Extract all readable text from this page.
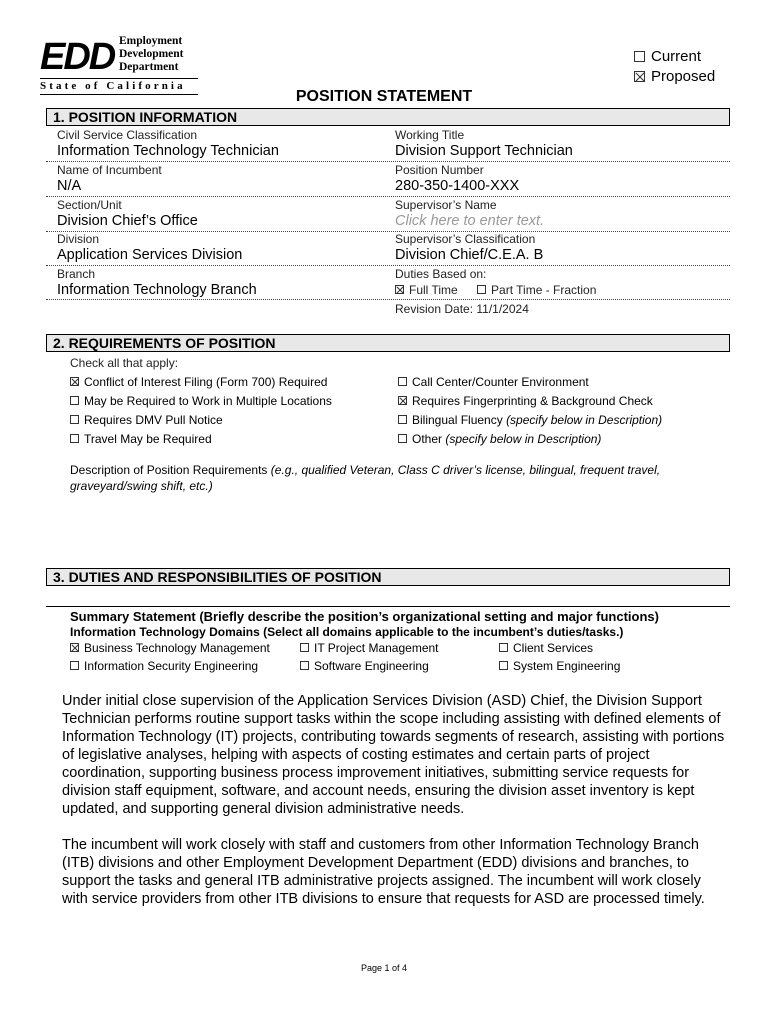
EDD Employment
Development
Department
State of California
Current
Proposed
POSITION STATEMENT
1. POSITION INFORMATION
Civil Service Classification
Information Technology Technician
Working Title
Division Support Technician
Name of Incumbent
N/A
Position Number
280-350-1400-XXX
Section/Unit
Division Chief’s Office
Supervisor’s Name
Click here to enter text.
Division
Application Services Division
Supervisor’s Classification
Division Chief/C.E.A. B
Branch
Information Technology Branch
Duties Based on:
Full Time	Part Time - Fraction
Revision Date: 11/1/2024
2. REQUIREMENTS OF POSITION
Check all that apply:
Conflict of Interest Filing (Form 700) Required
May be Required to Work in Multiple Locations
Requires DMV Pull Notice
Travel May be Required
Call Center/Counter Environment
Requires Fingerprinting & Background Check
Bilingual Fluency (specify below in Description)
Other (specify below in Description)
Description of Position Requirements (e.g., qualified Veteran, Class C driver’s license, bilingual, frequent travel, graveyard/swing shift, etc.)
3. DUTIES AND RESPONSIBILITIES OF POSITION
Summary Statement (Briefly describe the position’s organizational setting and major functions)
Information Technology Domains (Select all domains applicable to the incumbent’s duties/tasks.)
Business Technology Management	IT Project Management	Client Services
Information Security Engineering	Software Engineering	System Engineering
Under initial close supervision of the Application Services Division (ASD) Chief, the Division Support Technician performs routine support tasks within the scope including assisting with defined elements of Information Technology (IT) projects, contributing towards segments of research, assisting with portions of legislative analyses, helping with aspects of costing estimates and certain parts of project coordination, supporting business process improvement initiatives, submitting service requests for division staff equipment, software, and account needs, ensuring the division asset inventory is kept updated, and supporting general division administrative needs.
The incumbent will work closely with staff and customers from other Information Technology Branch (ITB) divisions and other Employment Development Department (EDD) divisions and branches, to support the tasks and general ITB administrative projects assigned. The incumbent will work closely with service providers from other ITB divisions to ensure that requests for ASD are processed timely.
Page 1 of 4
